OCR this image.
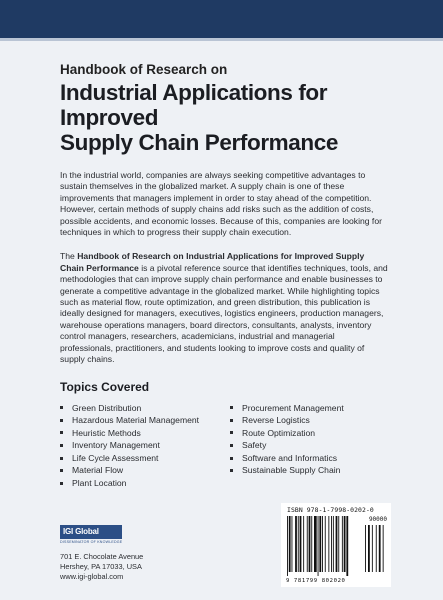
Handbook of Research on
Industrial Applications for Improved
Supply Chain Performance

In the industrial world, companies are always seeking competitive advantages to sustain themselves in the globalized market. A supply chain is one of these improvements that managers implement in order to stay ahead of the competition. However, certain methods of supply chains add risks such as the addition of costs, possible accidents, and economic losses. Because of this, companies are looking for techniques in which to progress their supply chain execution.

The Handbook of Research on Industrial Applications for Improved Supply Chain Performance is a pivotal reference source that identifies techniques, tools, and methodologies that can improve supply chain performance and enable businesses to generate a competitive advantage in the globalized market. While highlighting topics such as material flow, route optimization, and green distribution, this publication is ideally designed for managers, executives, logistics engineers, production managers, warehouse operations managers, board directors, consultants, analysts, inventory control managers, researchers, academicians, industrial and managerial professionals, practitioners, and students looking to improve costs and quality of supply chains.

Topics Covered
Green Distribution
Hazardous Material Management
Heuristic Methods
Inventory Management
Life Cycle Assessment
Material Flow
Plant Location
Procurement Management
Reverse Logistics
Route Optimization
Safety
Software and Informatics
Sustainable Supply Chain
IGI Global
DISSEMINATOR OF KNOWLEDGE
701 E. Chocolate Avenue
Hershey, PA 17033, USA
www.igi-global.com
ISBN 978-1-7998-0202-0
90000
9 781799 802020
